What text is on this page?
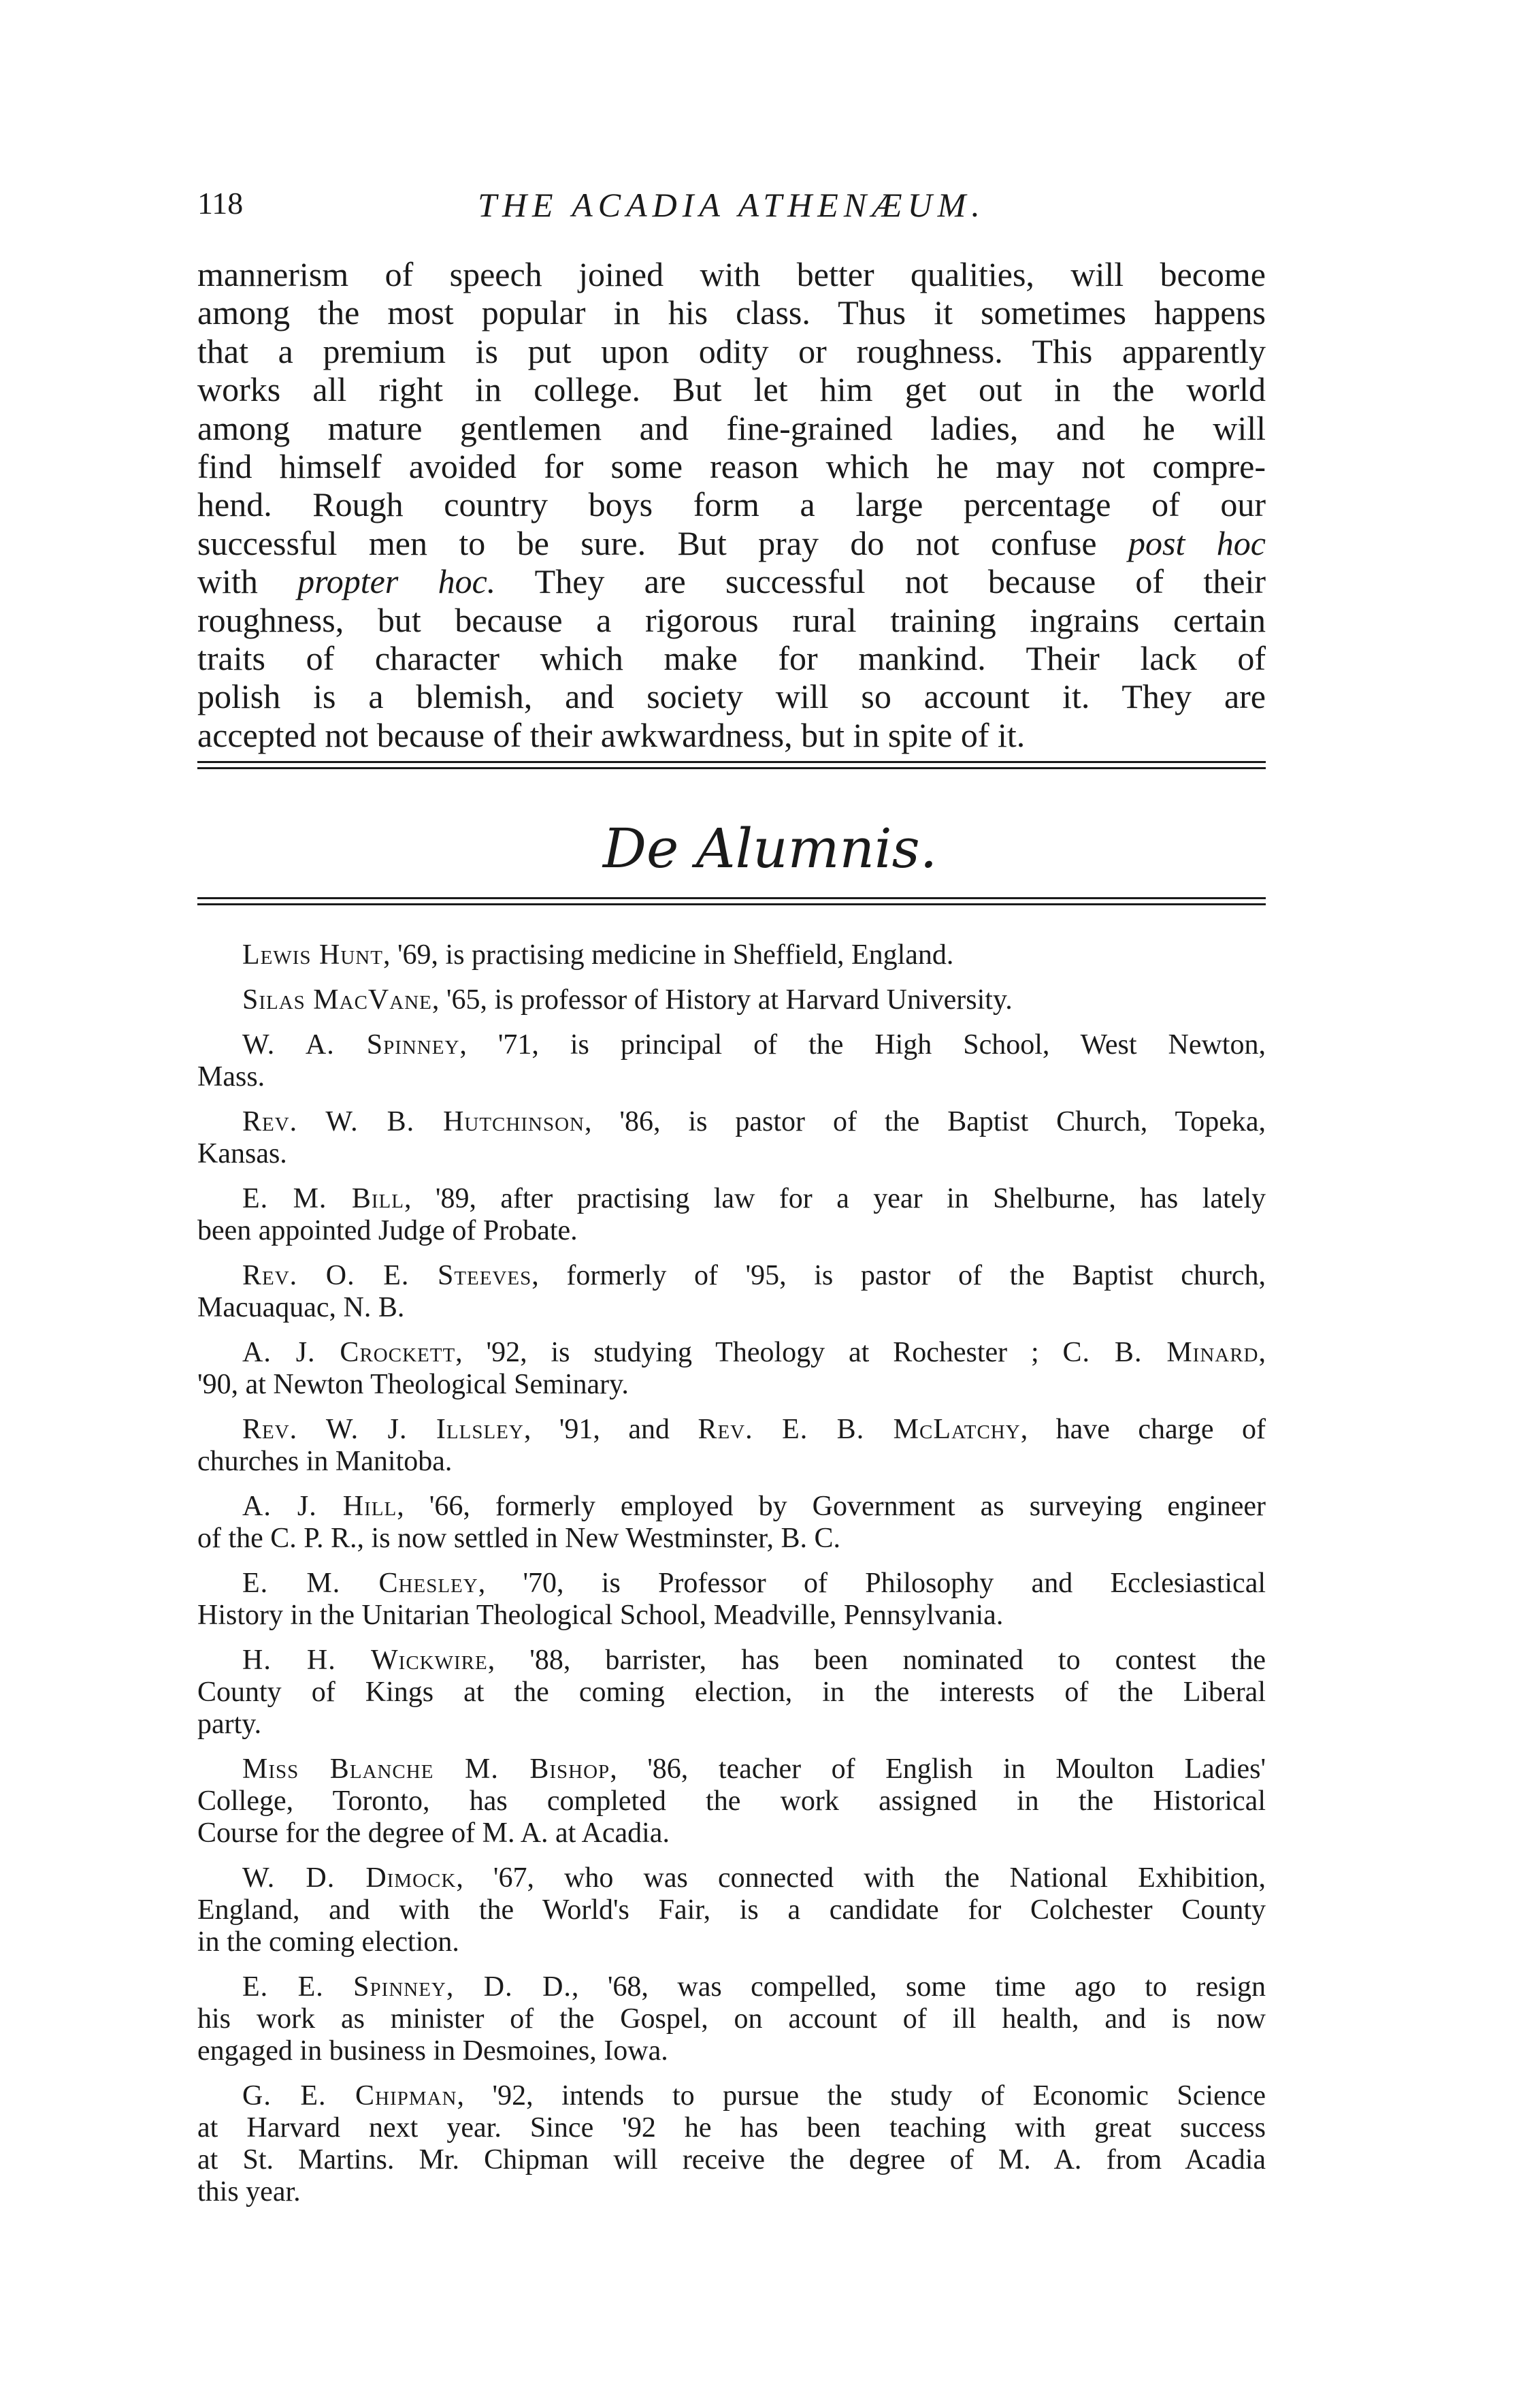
118	THE ACADIA ATHENÆUM.
mannerism of speech joined with better qualities, will become
among the most popular in his class. Thus it sometimes happens
that a premium is put upon odity or roughness. This apparently
works all right in college. But let him get out in the world
among mature gentlemen and fine-grained ladies, and he will
find himself avoided for some reason which he may not compre-
hend. Rough country boys form a large percentage of our
successful men to be sure. But pray do not confuse post hoc
with propter hoc. They are successful not because of their
roughness, but because a rigorous rural training ingrains certain
traits of character which make for mankind. Their lack of
polish is a blemish, and society will so account it. They are
accepted not because of their awkwardness, but in spite of it.
De Alumnis.
Lewis Hunt, '69, is practising medicine in Sheffield, England.
Silas MacVane, '65, is professor of History at Harvard University.
W. A. Spinney, '71, is principal of the High School, West Newton,
Mass.
Rev. W. B. Hutchinson, '86, is pastor of the Baptist Church, Topeka,
Kansas.
E. M. Bill, '89, after practising law for a year in Shelburne, has lately
been appointed Judge of Probate.
Rev. O. E. Steeves, formerly of '95, is pastor of the Baptist church,
Macuaquac, N. B.
A. J. Crockett, '92, is studying Theology at Rochester ; C. B. Minard,
'90, at Newton Theological Seminary.
Rev. W. J. Illsley, '91, and Rev. E. B. McLatchy, have charge of
churches in Manitoba.
A. J. Hill, '66, formerly employed by Government as surveying engineer
of the C. P. R., is now settled in New Westminster, B. C.
E. M. Chesley, '70, is Professor of Philosophy and Ecclesiastical
History in the Unitarian Theological School, Meadville, Pennsylvania.
H. H. Wickwire, '88, barrister, has been nominated to contest the
County of Kings at the coming election, in the interests of the Liberal
party.
Miss Blanche M. Bishop, '86, teacher of English in Moulton Ladies'
College, Toronto, has completed the work assigned in the Historical
Course for the degree of M. A. at Acadia.
W. D. Dimock, '67, who was connected with the National Exhibition,
England, and with the World's Fair, is a candidate for Colchester County
in the coming election.
E. E. Spinney, D. D., '68, was compelled, some time ago to resign
his work as minister of the Gospel, on account of ill health, and is now
engaged in business in Desmoines, Iowa.
G. E. Chipman, '92, intends to pursue the study of Economic Science
at Harvard next year. Since '92 he has been teaching with great success
at St. Martins. Mr. Chipman will receive the degree of M. A. from Acadia
this year.
